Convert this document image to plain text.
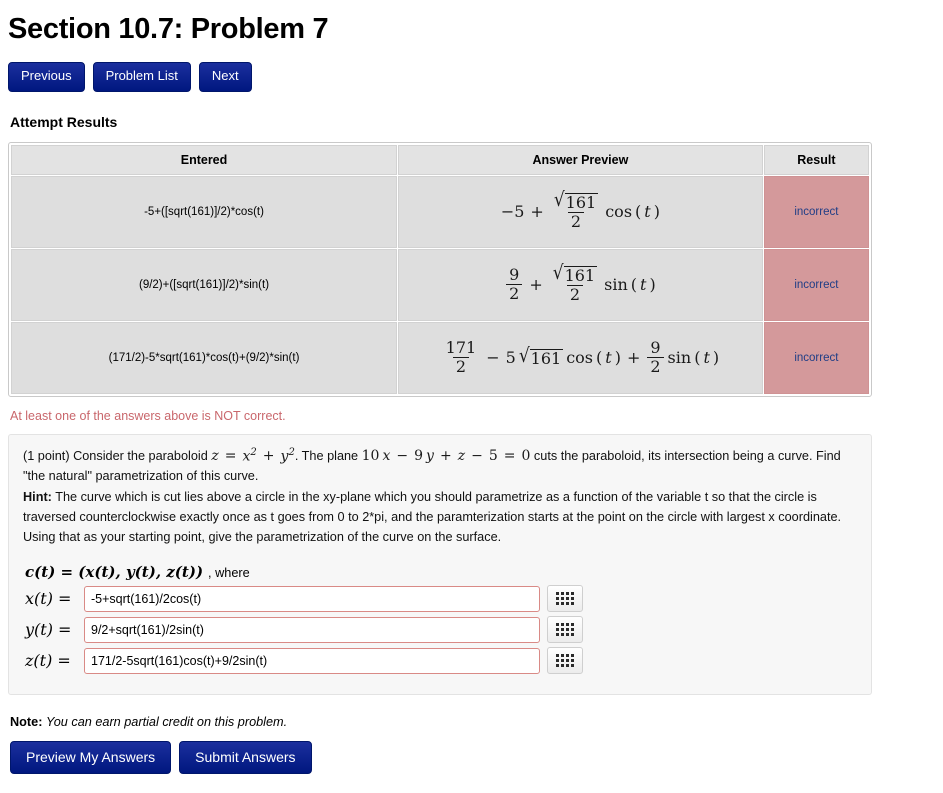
Section 10.7: Problem 7
Previous	Problem List	Next
Attempt Results
Entered	Answer Preview	Result
-5+([sqrt(161)]/2)*cos(t)	$-5 + \frac{√ 161}{2}$ cos ( t )	incorrect
(9/2)+([sqrt(161)]/2)*sin(t)	$\frac{9}{2} + \frac{√ 161}{2}$ sin ( t )	incorrect
(171/2)-5*sqrt(161)*cos(t)+(9/2)*sin(t)	$\frac{171}{2} - 5$ √ 161 cos ( t ) + $\frac{9}{2}$ sin ( t )	incorrect
At least one of the answers above is NOT correct.
(1 point) Consider the paraboloid $z = x^2 + y^2$ . The plane 10 x − 9 y + z − 5 = 0 cuts the paraboloid, its intersection being a curve. Find "the natural" parametrization of this curve.
Hint: The curve which is cut lies above a circle in the xy-plane which you should parametrize as a function of the variable t so that the circle is traversed counterclockwise exactly once as t goes from 0 to 2*pi, and the paramterization starts at the point on the circle with largest x coordinate. Using that as your starting point, give the parametrization of the curve on the surface.
c(t) = (x(t), y(t), z(t)) , where
x(t) =
-5+sqrt(161)/2cos(t)
y(t) =
9/2+sqrt(161)/2sin(t)
z(t) =
171/2-5sqrt(161)cos(t)+9/2sin(t)
Note: You can earn partial credit on this problem.
Preview My Answers	Submit Answers
